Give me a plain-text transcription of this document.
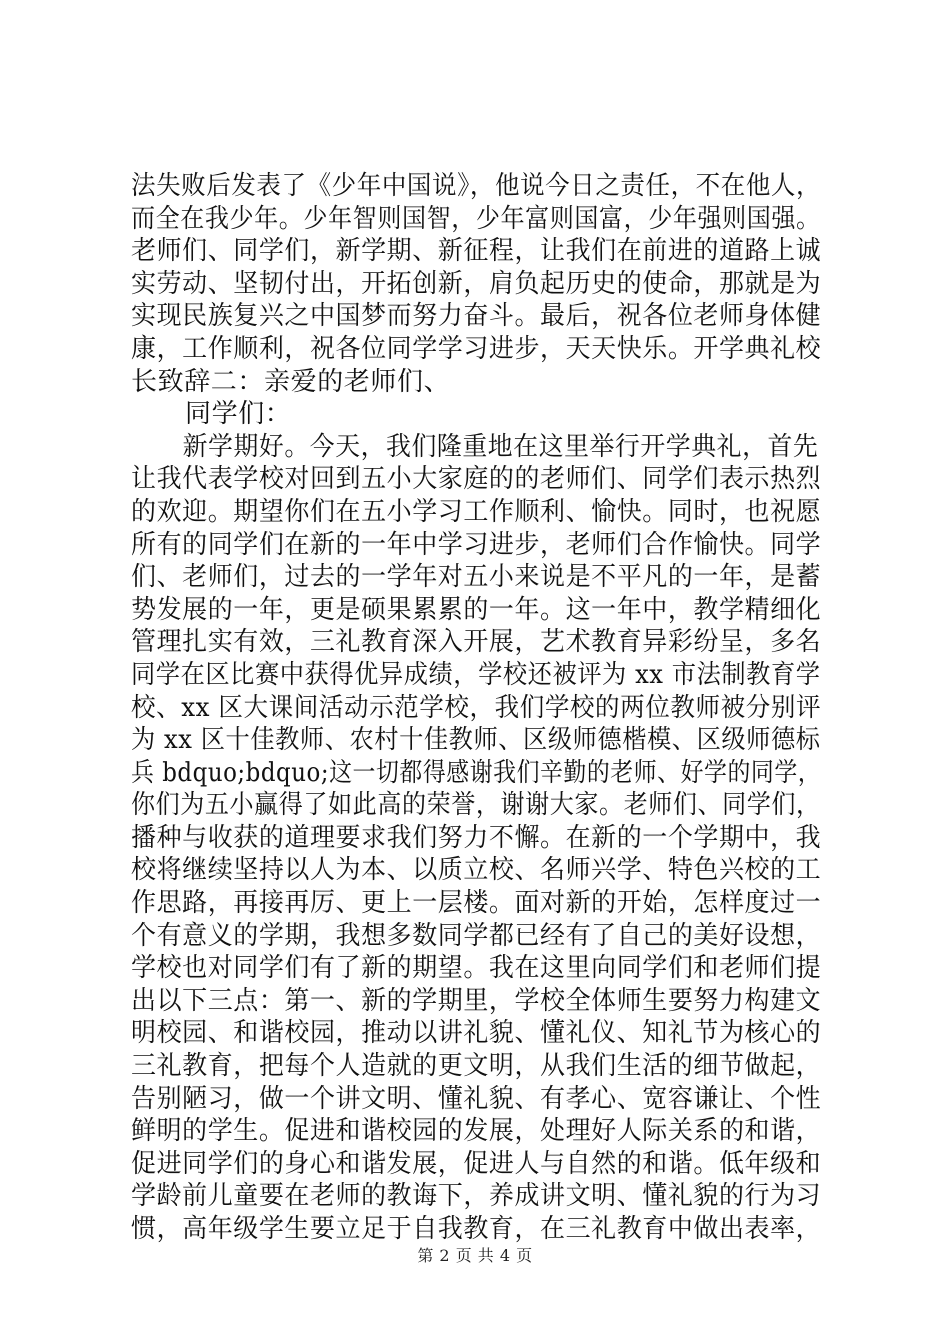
法失败后发表了《少年中国说》，他说今日之责任，不在他人，
而全在我少年。少年智则国智，少年富则国富，少年强则国强。
老师们、同学们，新学期、新征程，让我们在前进的道路上诚
实劳动、坚韧付出，开拓创新，肩负起历史的使命，那就是为
实现民族复兴之中国梦而努力奋斗。最后，祝各位老师身体健
康，工作顺利，祝各位同学学习进步，天天快乐。开学典礼校
长致辞二：亲爱的老师们、
同学们：
新学期好。今天，我们隆重地在这里举行开学典礼，首先
让我代表学校对回到五小大家庭的的老师们、同学们表示热烈
的欢迎。期望你们在五小学习工作顺利、愉快。同时，也祝愿
所有的同学们在新的一年中学习进步，老师们合作愉快。同学
们、老师们，过去的一学年对五小来说是不平凡的一年，是蓄
势发展的一年，更是硕果累累的一年。这一年中，教学精细化
管理扎实有效，三礼教育深入开展，艺术教育异彩纷呈，多名
同学在区比赛中获得优异成绩，学校还被评为 xx 市法制教育学
校、xx 区大课间活动示范学校，我们学校的两位教师被分别评
为 xx 区十佳教师、农村十佳教师、区级师德楷模、区级师德标
兵 bdquo;bdquo;这一切都得感谢我们辛勤的老师、好学的同学，
你们为五小赢得了如此高的荣誉，谢谢大家。老师们、同学们，
播种与收获的道理要求我们努力不懈。在新的一个学期中，我
校将继续坚持以人为本、以质立校、名师兴学、特色兴校的工
作思路，再接再厉、更上一层楼。面对新的开始，怎样度过一
个有意义的学期，我想多数同学都已经有了自己的美好设想，
学校也对同学们有了新的期望。我在这里向同学们和老师们提
出以下三点：第一、新的学期里，学校全体师生要努力构建文
明校园、和谐校园，推动以讲礼貌、懂礼仪、知礼节为核心的
三礼教育，把每个人造就的更文明，从我们生活的细节做起，
告别陋习，做一个讲文明、懂礼貌、有孝心、宽容谦让、个性
鲜明的学生。促进和谐校园的发展，处理好人际关系的和谐，
促进同学们的身心和谐发展，促进人与自然的和谐。低年级和
学龄前儿童要在老师的教诲下，养成讲文明、懂礼貌的行为习
惯，高年级学生要立足于自我教育，在三礼教育中做出表率，
第 2 页 共 4 页
